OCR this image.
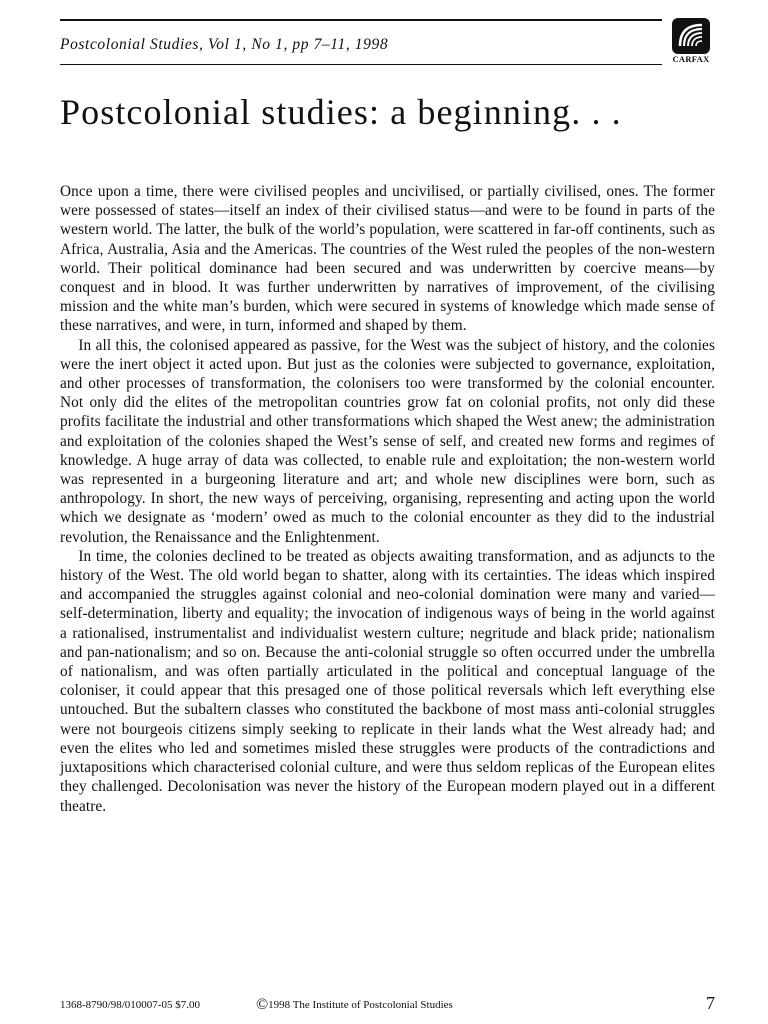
Postcolonial Studies, Vol 1, No 1, pp 7–11, 1998
CARFAX
Postcolonial studies: a beginning. . .

Once upon a time, there were civilised peoples and uncivilised, or partially civilised, ones. The former were possessed of states—itself an index of their civilised status—and were to be found in parts of the western world. The latter, the bulk of the world’s population, were scattered in far-off continents, such as Africa, Australia, Asia and the Americas. The countries of the West ruled the peoples of the non-western world. Their political dominance had been secured and was underwritten by coercive means—by conquest and in blood. It was further underwritten by narratives of improvement, of the civilising mission and the white man’s burden, which were secured in systems of knowledge which made sense of these narratives, and were, in turn, informed and shaped by them.

In all this, the colonised appeared as passive, for the West was the subject of history, and the colonies were the inert object it acted upon. But just as the colonies were subjected to governance, exploitation, and other processes of transformation, the colonisers too were transformed by the colonial encounter. Not only did the elites of the metropolitan countries grow fat on colonial profits, not only did these profits facilitate the industrial and other transformations which shaped the West anew; the administration and exploitation of the colonies shaped the West’s sense of self, and created new forms and regimes of knowledge. A huge array of data was collected, to enable rule and exploitation; the non-western world was represented in a burgeoning literature and art; and whole new disciplines were born, such as anthropology. In short, the new ways of perceiving, organising, representing and acting upon the world which we designate as ‘modern’ owed as much to the colonial encounter as they did to the industrial revolution, the Renaissance and the Enlightenment.

In time, the colonies declined to be treated as objects awaiting transformation, and as adjuncts to the history of the West. The old world began to shatter, along with its certainties. The ideas which inspired and accompanied the struggles against colonial and neo-colonial domination were many and varied—self-determination, liberty and equality; the invocation of indigenous ways of being in the world against a rationalised, instrumentalist and individualist western culture; negritude and black pride; nationalism and pan-nationalism; and so on. Because the anti-colonial struggle so often occurred under the umbrella of nationalism, and was often partially articulated in the political and conceptual language of the coloniser, it could appear that this presaged one of those political reversals which left everything else untouched. But the subaltern classes who constituted the backbone of most mass anti-colonial struggles were not bourgeois citizens simply seeking to replicate in their lands what the West already had; and even the elites who led and sometimes misled these struggles were products of the contradictions and juxtapositions which characterised colonial culture, and were thus seldom replicas of the European elites they challenged. Decolonisation was never the history of the European modern played out in a different theatre.

1368-8790/98/010007-05 $7.00	©1998 The Institute of Postcolonial Studies	7
